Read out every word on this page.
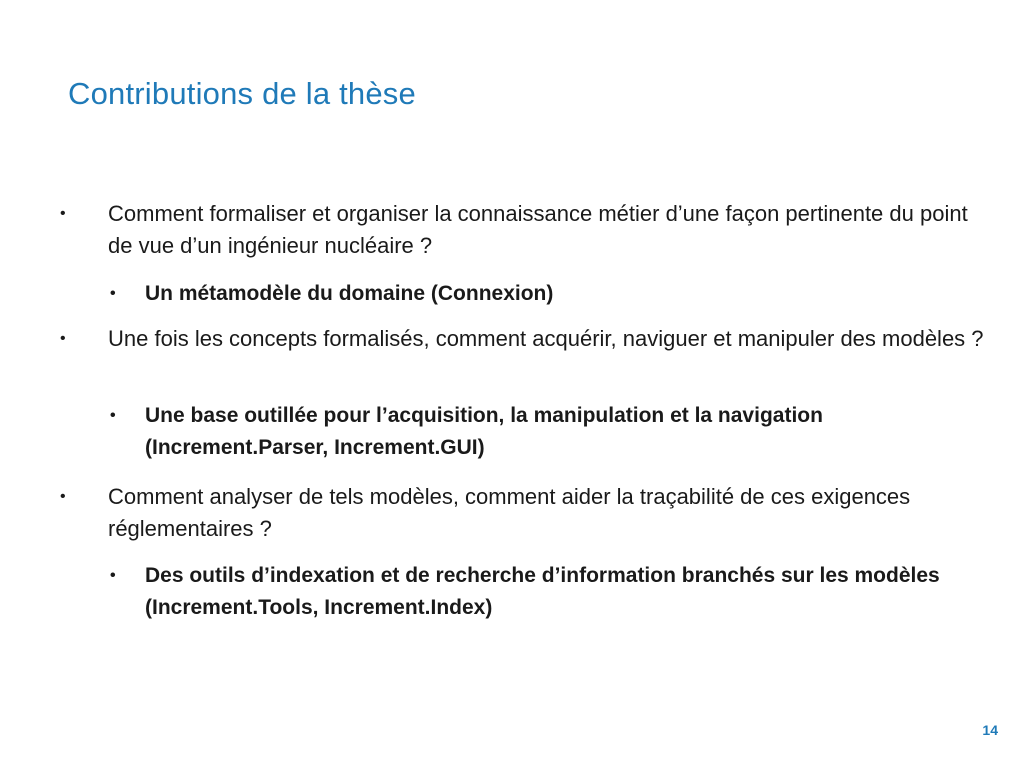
Contributions de la thèse
•	Comment formaliser et organiser la connaissance métier d’une façon pertinente du point de vue d’un ingénieur nucléaire ?
•	Un métamodèle du domaine (Connexion)
•	Une fois les concepts formalisés, comment acquérir, naviguer et manipuler des modèles ?
•	Une base outillée pour l’acquisition, la manipulation et la navigation (Increment.Parser, Increment.GUI)
•	Comment analyser de tels modèles, comment aider la traçabilité de ces exigences réglementaires ?
•	Des outils d’indexation et de recherche d’information branchés sur les modèles (Increment.Tools, Increment.Index)
14
